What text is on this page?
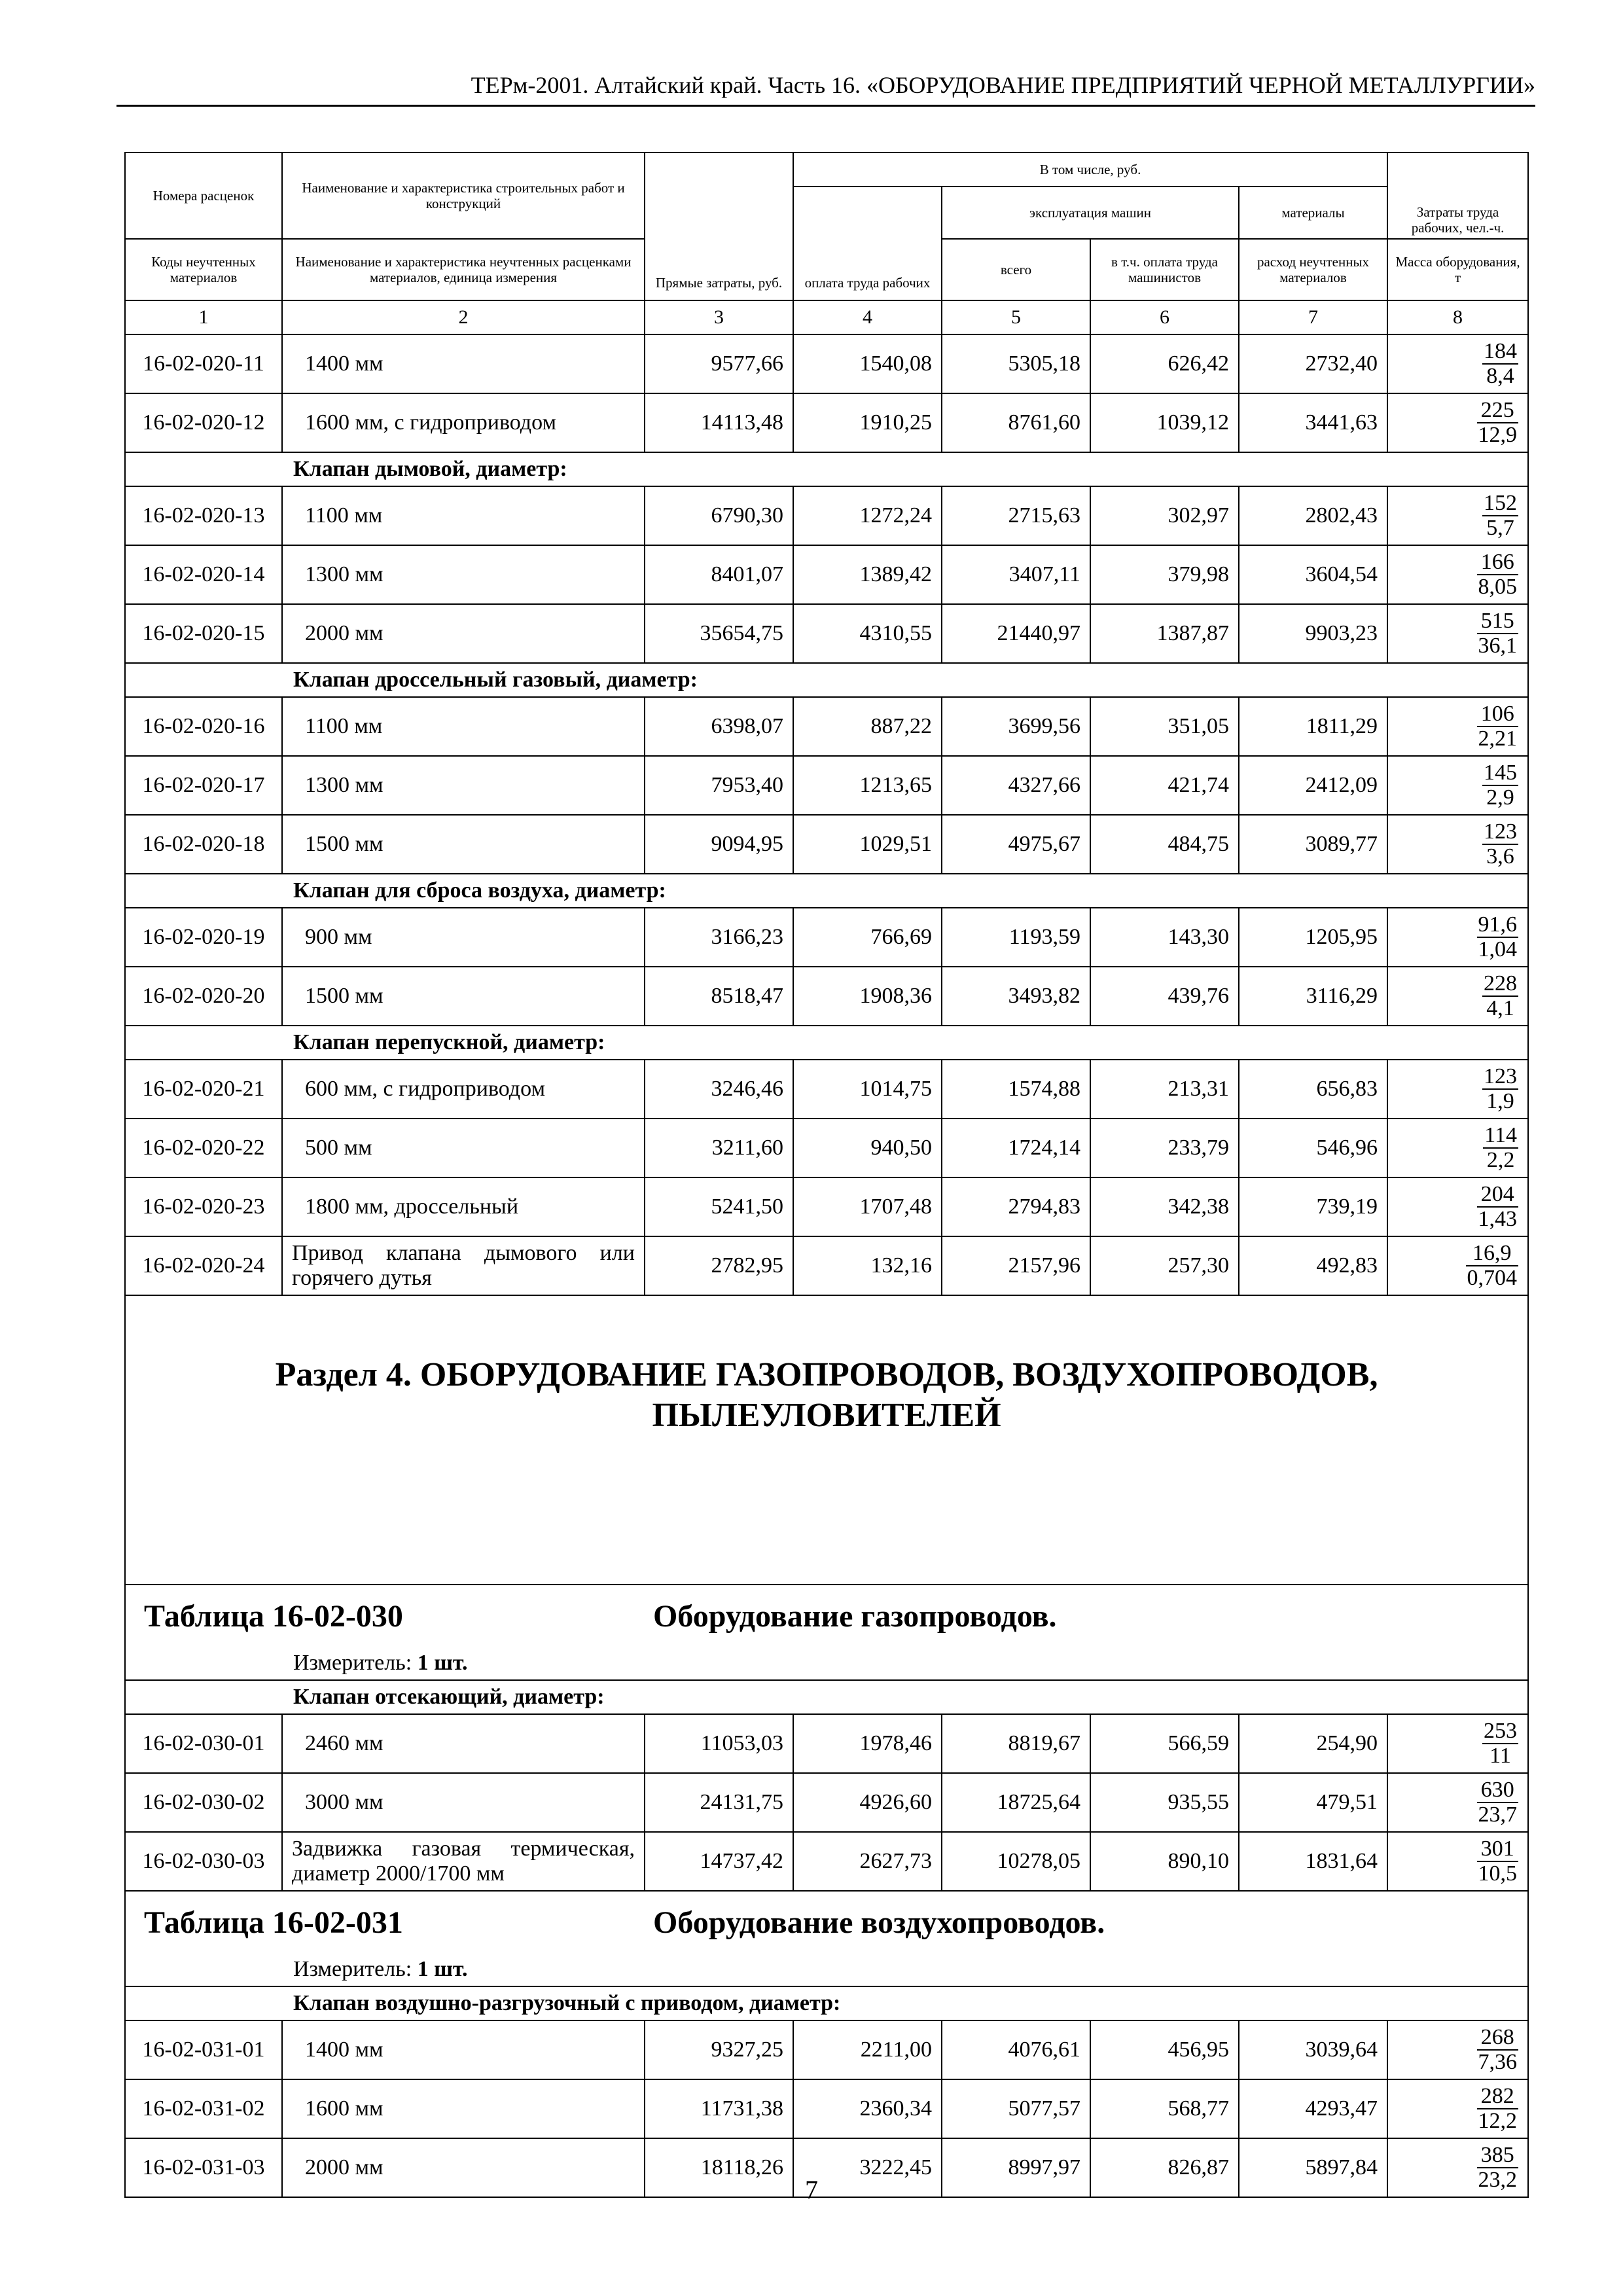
ТЕРм-2001. Алтайский край. Часть 16. «ОБОРУДОВАНИЕ ПРЕДПРИЯТИЙ ЧЕРНОЙ МЕТАЛЛУРГИИ»
Номера расценок	Наименование и характеристика строительных работ и конструкций	Прямые затраты, руб.	В том числе, руб.				Затраты труда рабочих, чел.-ч.
			оплата труда рабочих	эксплуатация машин		материалы	
Коды неучтенных материалов	Наименование и характеристика неучтенных расценками материалов, единица измерения			всего	в т.ч. оплата труда машинистов	расход неучтенных материалов	Масса оборудования, т
1	2	3	4	5	6	7	8
16-02-020-11	1400 мм	9577,66	1540,08	5305,18	626,42	2732,40	$\frac{184}{8,4}$

16-02-020-12	1600 мм, с гидроприводом	14113,48	1910,25	8761,60	1039,12	3441,63	$\frac{225}{12,9}$

Клапан дымовой, диаметр:							
16-02-020-13	1100 мм	6790,30	1272,24	2715,63	302,97	2802,43	$\frac{152}{5,7}$

16-02-020-14	1300 мм	8401,07	1389,42	3407,11	379,98	3604,54	$\frac{166}{8,05}$

16-02-020-15	2000 мм	35654,75	4310,55	21440,97	1387,87	9903,23	$\frac{515}{36,1}$

Клапан дроссельный газовый, диаметр:							
16-02-020-16	1100 мм	6398,07	887,22	3699,56	351,05	1811,29	$\frac{106}{2,21}$

16-02-020-17	1300 мм	7953,40	1213,65	4327,66	421,74	2412,09	$\frac{145}{2,9}$

16-02-020-18	1500 мм	9094,95	1029,51	4975,67	484,75	3089,77	$\frac{123}{3,6}$

Клапан для сброса воздуха, диаметр:							
16-02-020-19	900 мм	3166,23	766,69	1193,59	143,30	1205,95	$\frac{91,6}{1,04}$

16-02-020-20	1500 мм	8518,47	1908,36	3493,82	439,76	3116,29	$\frac{228}{4,1}$

Клапан перепускной, диаметр:							
16-02-020-21	600 мм, с гидроприводом	3246,46	1014,75	1574,88	213,31	656,83	$\frac{123}{1,9}$

16-02-020-22	500 мм	3211,60	940,50	1724,14	233,79	546,96	$\frac{114}{2,2}$

16-02-020-23	1800 мм, дроссельный	5241,50	1707,48	2794,83	342,38	739,19	$\frac{204}{1,43}$

16-02-020-24	Привод клапана дымового или горячего дутья	2782,95	132,16	2157,96	257,30	492,83	$\frac{16,9}{0,704}$

Раздел 4. ОБОРУДОВАНИЕ ГАЗОПРОВОДОВ, ВОЗДУХОПРОВОДОВ,
ПЫЛЕУЛОВИТЕЛЕЙ							

Таблица 16-02-030 Оборудование газопроводов.							

Измеритель: 1 шт.							

Клапан отсекающий, диаметр:							
16-02-030-01	2460 мм	11053,03	1978,46	8819,67	566,59	254,90	$\frac{253}{11}$

16-02-030-02	3000 мм	24131,75	4926,60	18725,64	935,55	479,51	$\frac{630}{23,7}$

16-02-030-03	Задвижка газовая термическая, диаметр 2000/1700 мм	14737,42	2627,73	10278,05	890,10	1831,64	$\frac{301}{10,5}$

Таблица 16-02-031 Оборудование воздухопроводов.							

Измеритель: 1 шт.							

Клапан воздушно-разгрузочный с приводом, диаметр:							
16-02-031-01	1400 мм	9327,25	2211,00	4076,61	456,95	3039,64	$\frac{268}{7,36}$

16-02-031-02	1600 мм	11731,38	2360,34	5077,57	568,77	4293,47	$\frac{282}{12,2}$

16-02-031-03	2000 мм	18118,26	3222,45	8997,97	826,87	5897,84	$\frac{385}{23,2}$
7
